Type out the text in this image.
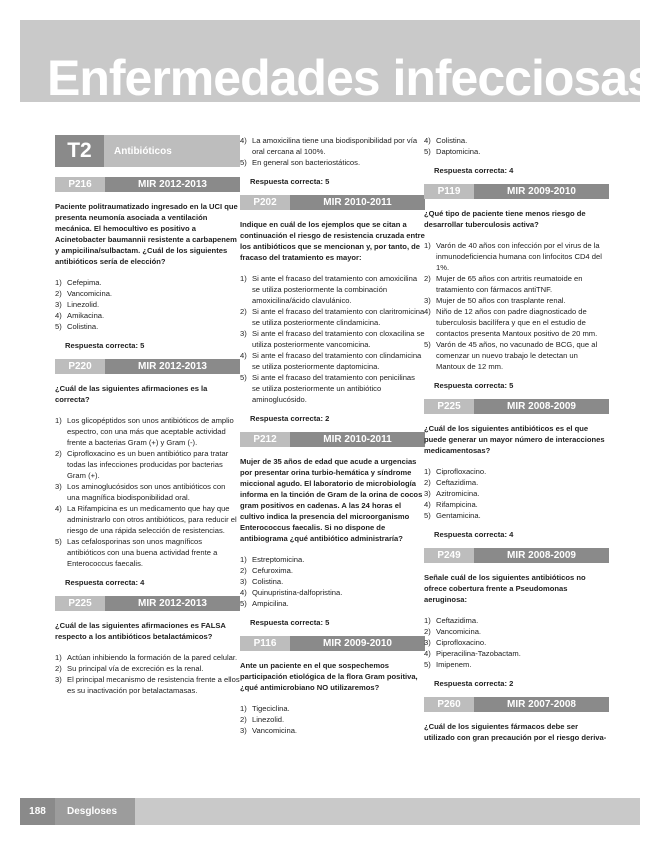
Enfermedades infecciosas
T2	Antibióticos
P216	MIR 2012-2013

Paciente politraumatizado ingresado en la UCI que presenta neumonía asociada a ventilación mecánica. El hemocultivo es positivo a Acinetobacter baumannii resistente a carbapenem y ampicilina/sulbactam. ¿Cuál de los siguientes antibióticos sería de elección?

1) Cefepima.
2) Vancomicina.
3) Linezolid.
4) Amikacina.
5) Colistina.

Respuesta correcta: 5

P220	MIR 2012-2013

¿Cuál de las siguientes afirmaciones es la correcta?

1) Los glicopéptidos son unos antibióticos de amplio espectro, con una más que aceptable actividad frente a bacterias Gram (+) y Gram (-).
2) Ciprofloxacino es un buen antibiótico para tratar todas las infecciones producidas por bacterias Gram (+).
3) Los aminoglucósidos son unos antibióticos con una magnífica biodisponibilidad oral.
4) La Rifampicina es un medicamento que hay que administrarlo con otros antibióticos, para reducir el riesgo de una rápida selección de resistencias.
5) Las cefalosporinas son unos magníficos antibióticos con una buena actividad frente a Enterococcus faecalis.

Respuesta correcta: 4

P225	MIR 2012-2013

¿Cuál de las siguientes afirmaciones es FALSA respecto a los antibióticos betalactámicos?

1) Actúan inhibiendo la formación de la pared celular.
2) Su principal vía de excreción es la renal.
3) El principal mecanismo de resistencia frente a ellos es su inactivación por betalactamasas.
4) La amoxicilina tiene una biodisponibilidad por vía oral cercana al 100%.
5) En general son bacteriostáticos.

Respuesta correcta: 5

P202	MIR 2010-2011

Indique en cuál de los ejemplos que se citan a continuación el riesgo de resistencia cruzada entre los antibióticos que se mencionan y, por tanto, de fracaso del tratamiento es mayor:

1) Si ante el fracaso del tratamiento con amoxicilina se utiliza posteriormente la combinación amoxicilina/ácido clavulánico.
2) Si ante el fracaso del tratamiento con claritromicina se utiliza posteriormente clindamicina.
3) Si ante el fracaso del tratamiento con cloxacilina se utiliza posteriormente vancomicina.
4) Si ante el fracaso del tratamiento con clindamicina se utiliza posteriormente daptomicina.
5) Si ante el fracaso del tratamiento con penicilinas se utiliza posteriormente un antibiótico aminoglucósido.

Respuesta correcta: 2

P212	MIR 2010-2011

Mujer de 35 años de edad que acude a urgencias por presentar orina turbio-hemática y síndrome miccional agudo. El laboratorio de microbiología informa en la tinción de Gram de la orina de cocos gram positivos en cadenas. A las 24 horas el cultivo indica la presencia del microorganismo Enterococcus faecalis. Si no dispone de antibiograma ¿qué antibiótico administraría?

1) Estreptomicina.
2) Cefuroxima.
3) Colistina.
4) Quinupristina-dalfopristina.
5) Ampicilina.

Respuesta correcta: 5

P116	MIR 2009-2010

Ante un paciente en el que sospechemos participación etiológica de la flora Gram positiva, ¿qué antimicrobiano NO utilizaremos?

1) Tigeciclina.
2) Linezolid.
3) Vancomicina.
4) Colistina.
5) Daptomicina.

Respuesta correcta: 4

P119	MIR 2009-2010

¿Qué tipo de paciente tiene menos riesgo de desarrollar tuberculosis activa?

1) Varón de 40 años con infección por el virus de la inmunodeficiencia humana con linfocitos CD4 del 1%.
2) Mujer de 65 años con artritis reumatoide en tratamiento con fármacos antiTNF.
3) Mujer de 50 años con trasplante renal.
4) Niño de 12 años con padre diagnosticado de tuberculosis bacilífera y que en el estudio de contactos presenta Mantoux positivo de 20 mm.
5) Varón de 45 años, no vacunado de BCG, que al comenzar un nuevo trabajo le detectan un Mantoux de 12 mm.

Respuesta correcta: 5

P225	MIR 2008-2009

¿Cuál de los siguientes antibióticos es el que puede generar un mayor número de interacciones medicamentosas?

1) Ciprofloxacino.
2) Ceftazidima.
3) Azitromicina.
4) Rifampicina.
5) Gentamicina.

Respuesta correcta: 4

P249	MIR 2008-2009

Señale cuál de los siguientes antibióticos no ofrece cobertura frente a Pseudomonas aeruginosa:

1) Ceftazidima.
2) Vancomicina.
3) Ciprofloxacino.
4) Piperacilina-Tazobactam.
5) Imipenem.

Respuesta correcta: 2

P260	MIR 2007-2008

¿Cuál de los siguientes fármacos debe ser utilizado con gran precaución por el riesgo deriva-

188	Desgloses
